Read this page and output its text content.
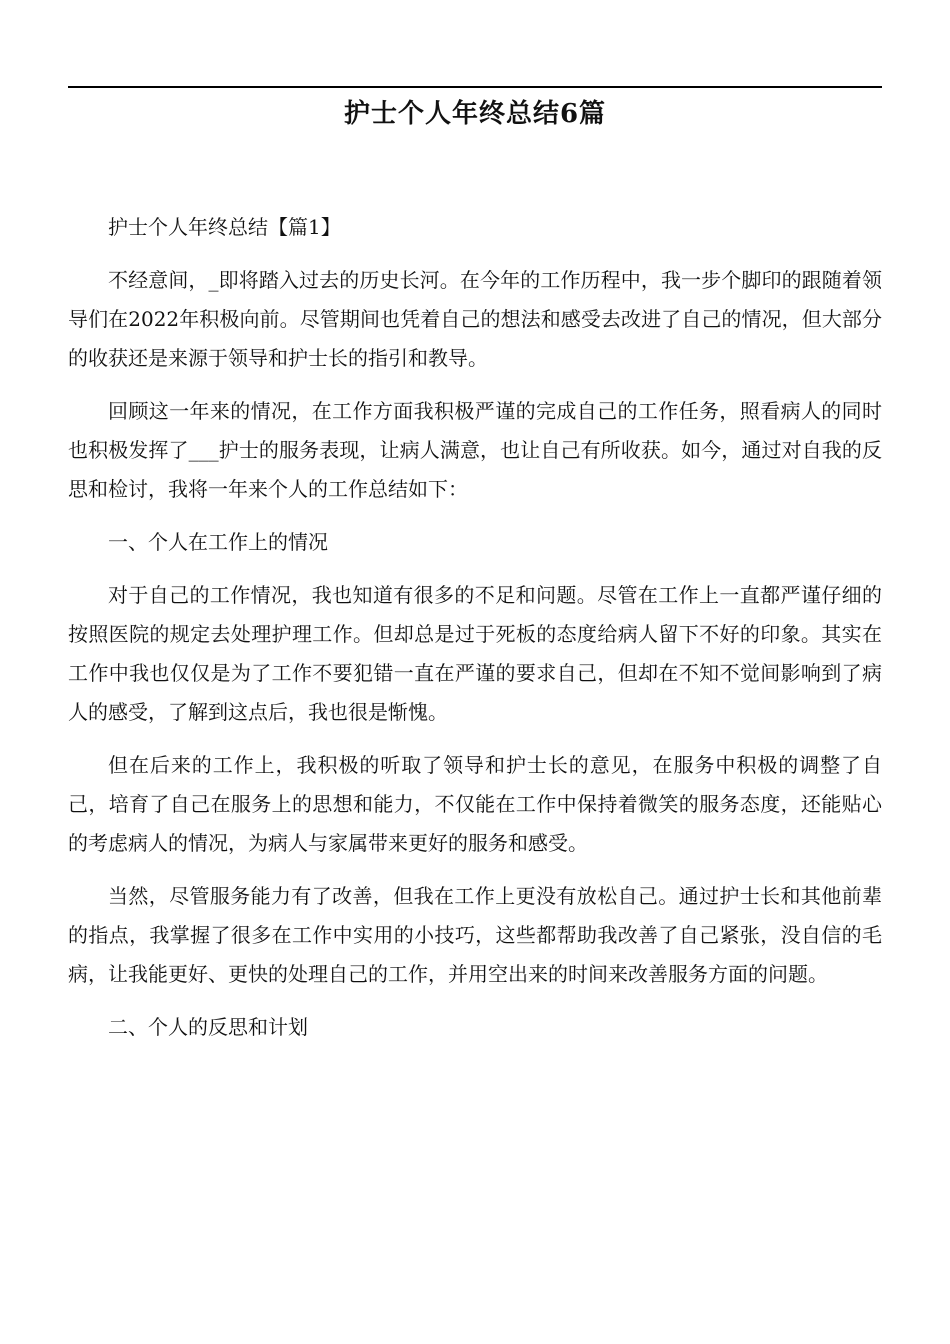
护士个人年终总结6篇

护士个人年终总结【篇1】

不经意间，_即将踏入过去的历史长河。在今年的工作历程中，我一步个脚印的跟随着领导们在2022年积极向前。尽管期间也凭着自己的想法和感受去改进了自己的情况，但大部分的收获还是来源于领导和护士长的指引和教导。

回顾这一年来的情况，在工作方面我积极严谨的完成自己的工作任务，照看病人的同时也积极发挥了___护士的服务表现，让病人满意，也让自己有所收获。如今，通过对自我的反思和检讨，我将一年来个人的工作总结如下：

一、个人在工作上的情况

对于自己的工作情况，我也知道有很多的不足和问题。尽管在工作上一直都严谨仔细的按照医院的规定去处理护理工作。但却总是过于死板的态度给病人留下不好的印象。其实在工作中我也仅仅是为了工作不要犯错一直在严谨的要求自己，但却在不知不觉间影响到了病人的感受，了解到这点后，我也很是惭愧。

但在后来的工作上，我积极的听取了领导和护士长的意见，在服务中积极的调整了自己，培育了自己在服务上的思想和能力，不仅能在工作中保持着微笑的服务态度，还能贴心的考虑病人的情况，为病人与家属带来更好的服务和感受。

当然，尽管服务能力有了改善，但我在工作上更没有放松自己。通过护士长和其他前辈的指点，我掌握了很多在工作中实用的小技巧，这些都帮助我改善了自己紧张，没自信的毛病，让我能更好、更快的处理自己的工作，并用空出来的时间来改善服务方面的问题。

二、个人的反思和计划
